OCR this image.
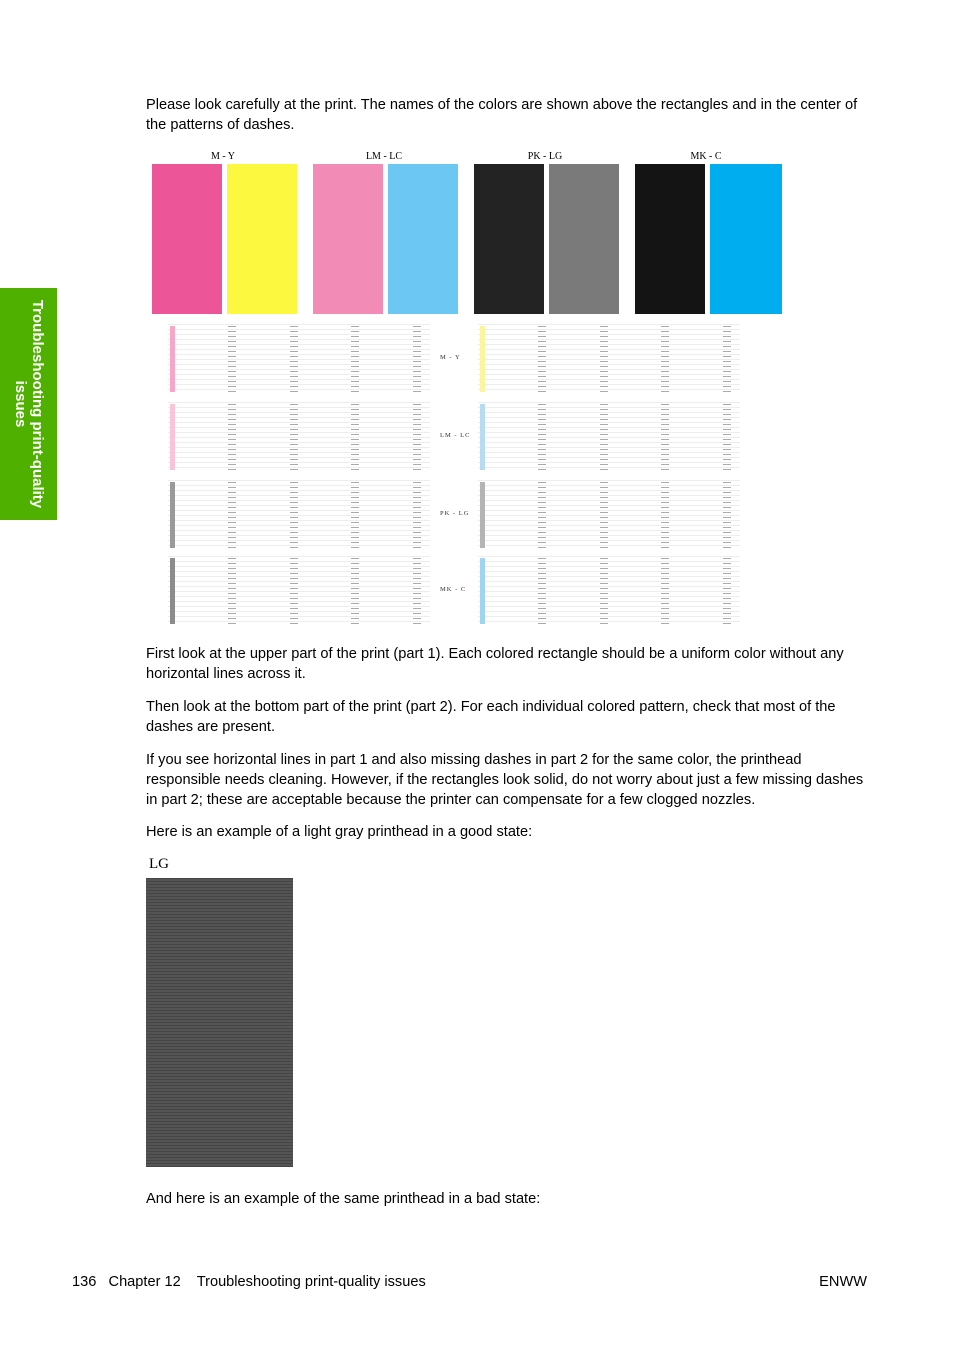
Troubleshooting print-quality issues

Please look carefully at the print. The names of the colors are shown above the rectangles and in the center of the patterns of dashes.

M - Y	LM - LC	PK - LG	MK - C
M - Y
LM - LC
PK - LG
MK - C

First look at the upper part of the print (part 1). Each colored rectangle should be a uniform color without any horizontal lines across it.

Then look at the bottom part of the print (part 2). For each individual colored pattern, check that most of the dashes are present.

If you see horizontal lines in part 1 and also missing dashes in part 2 for the same color, the printhead responsible needs cleaning. However, if the rectangles look solid, do not worry about just a few missing dashes in part 2; these are acceptable because the printer can compensate for a few clogged nozzles.

Here is an example of a light gray printhead in a good state:

LG

And here is an example of the same printhead in a bad state:

136 Chapter 12 Troubleshooting print-quality issues	ENWW
